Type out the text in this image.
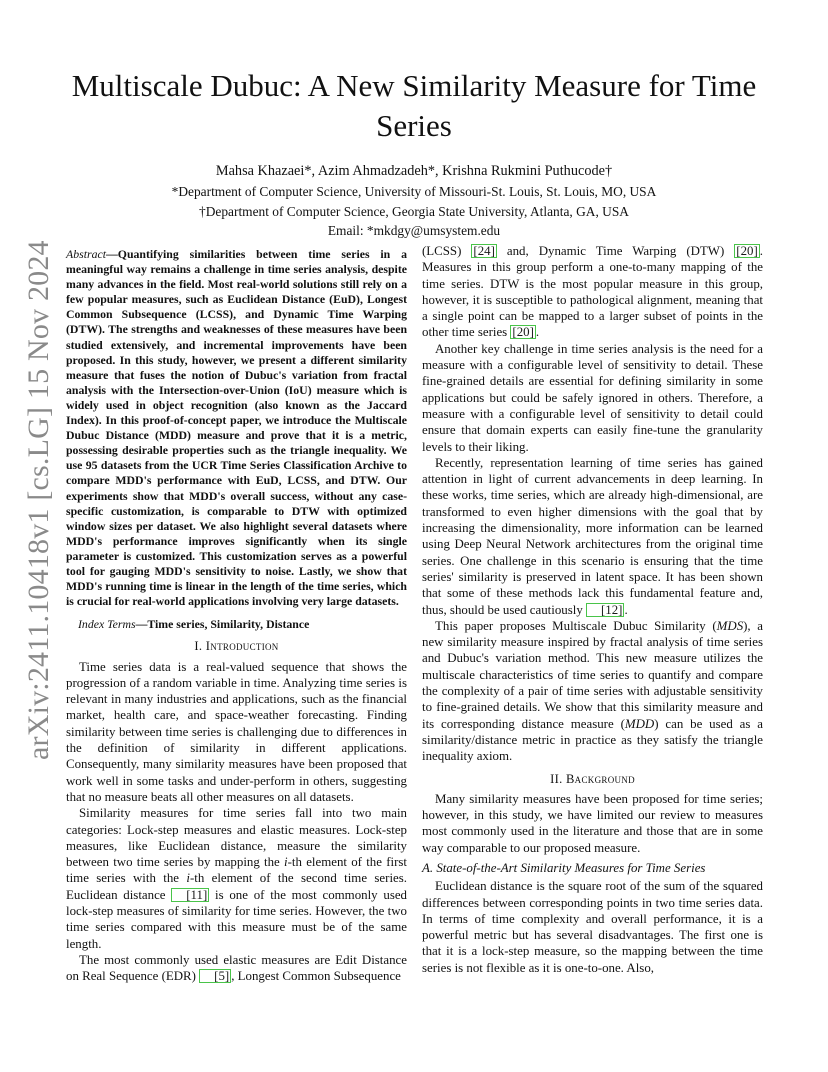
arXiv:2411.10418v1 [cs.LG] 15 Nov 2024
Multiscale Dubuc: A New Similarity Measure for Time Series
Mahsa Khazaei*, Azim Ahmadzadeh*, Krishna Rukmini Puthucode†
*Department of Computer Science, University of Missouri-St. Louis, St. Louis, MO, USA
†Department of Computer Science, Georgia State University, Atlanta, GA, USA
Email: *mkdgy@umsystem.edu

Abstract—Quantifying similarities between time series in a meaningful way remains a challenge in time series analysis, despite many advances in the field. Most real-world solutions still rely on a few popular measures, such as Euclidean Distance (EuD), Longest Common Subsequence (LCSS), and Dynamic Time Warping (DTW). The strengths and weaknesses of these measures have been studied extensively, and incremental improvements have been proposed. In this study, however, we present a different similarity measure that fuses the notion of Dubuc's variation from fractal analysis with the Intersection-over-Union (IoU) measure which is widely used in object recognition (also known as the Jaccard Index). In this proof-of-concept paper, we introduce the Multiscale Dubuc Distance (MDD) measure and prove that it is a metric, possessing desirable properties such as the triangle inequality. We use 95 datasets from the UCR Time Series Classification Archive to compare MDD's performance with EuD, LCSS, and DTW. Our experiments show that MDD's overall success, without any case-specific customization, is comparable to DTW with optimized window sizes per dataset. We also highlight several datasets where MDD's performance improves significantly when its single parameter is customized. This customization serves as a powerful tool for gauging MDD's sensitivity to noise. Lastly, we show that MDD's running time is linear in the length of the time series, which is crucial for real-world applications involving very large datasets.

Index Terms—Time series, Similarity, Distance

I. Introduction

Time series data is a real-valued sequence that shows the progression of a random variable in time. Analyzing time series is relevant in many industries and applications, such as the financial market, health care, and space-weather forecasting. Finding similarity between time series is challenging due to differences in the definition of similarity in different applications. Consequently, many similarity measures have been proposed that work well in some tasks and under-perform in others, suggesting that no measure beats all other measures on all datasets.

Similarity measures for time series fall into two main categories: Lock-step measures and elastic measures. Lock-step measures, like Euclidean distance, measure the similarity between two time series by mapping the i-th element of the first time series with the i-th element of the second time series. Euclidean distance [11] is one of the most commonly used lock-step measures of similarity for time series. However, the two time series compared with this measure must be of the same length.

The most commonly used elastic measures are Edit Distance on Real Sequence (EDR) [5] , Longest Common Subsequence

(LCSS) [24] and, Dynamic Time Warping (DTW) [20] . Measures in this group perform a one-to-many mapping of the time series. DTW is the most popular measure in this group, however, it is susceptible to pathological alignment, meaning that a single point can be mapped to a larger subset of points in the other time series [20] .

Another key challenge in time series analysis is the need for a measure with a configurable level of sensitivity to detail. These fine-grained details are essential for defining similarity in some applications but could be safely ignored in others. Therefore, a measure with a configurable level of sensitivity to detail could ensure that domain experts can easily fine-tune the granularity levels to their liking.

Recently, representation learning of time series has gained attention in light of current advancements in deep learning. In these works, time series, which are already high-dimensional, are transformed to even higher dimensions with the goal that by increasing the dimensionality, more information can be learned using Deep Neural Network architectures from the original time series. One challenge in this scenario is ensuring that the time series' similarity is preserved in latent space. It has been shown that some of these methods lack this fundamental feature and, thus, should be used cautiously [12] .

This paper proposes Multiscale Dubuc Similarity (MDS), a new similarity measure inspired by fractal analysis of time series and Dubuc's variation method. This new measure utilizes the multiscale characteristics of time series to quantify and compare the complexity of a pair of time series with adjustable sensitivity to fine-grained details. We show that this similarity measure and its corresponding distance measure (MDD) can be used as a similarity/distance metric in practice as they satisfy the triangle inequality axiom.

II. Background

Many similarity measures have been proposed for time series; however, in this study, we have limited our review to measures most commonly used in the literature and those that are in some way comparable to our proposed measure.

A. State-of-the-Art Similarity Measures for Time Series

Euclidean distance is the square root of the sum of the squared differences between corresponding points in two time series data. In terms of time complexity and overall performance, it is a powerful metric but has several disadvantages. The first one is that it is a lock-step measure, so the mapping between the time series is not flexible as it is one-to-one. Also,
